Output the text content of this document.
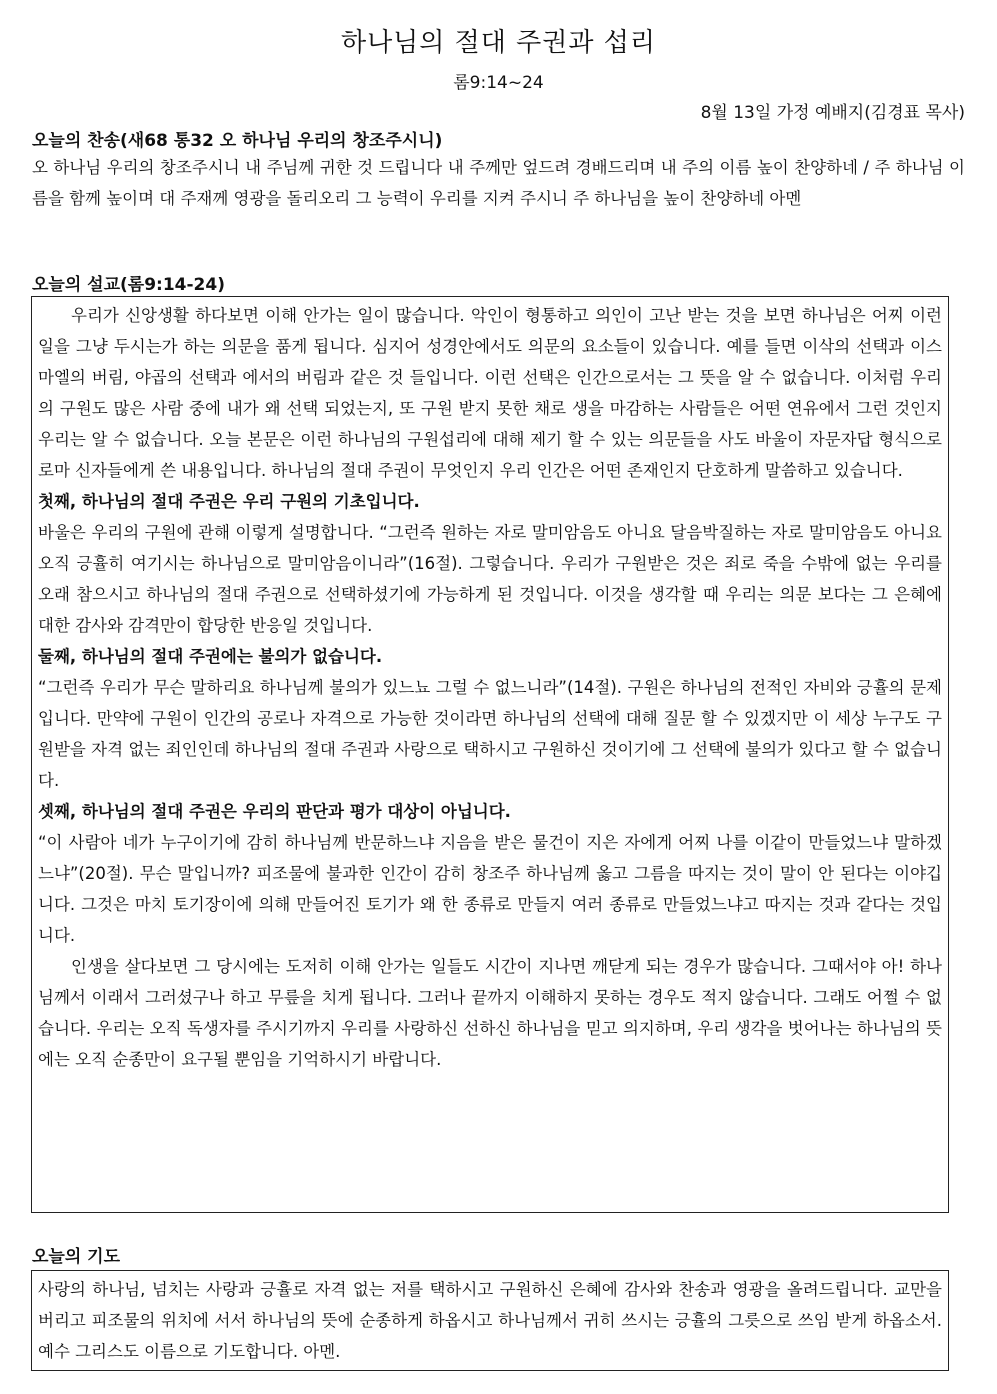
하나님의 절대 주권과 섭리
롬9:14~24
8월 13일 가정 예배지(김경표 목사)
오늘의 찬송(새68 통32 오 하나님 우리의 창조주시니)
오 하나님 우리의 창조주시니 내 주님께 귀한 것 드립니다 내 주께만 엎드려 경배드리며 내 주의 이름 높이 찬양하네 / 주 하나님 이름을 함께 높이며 대 주재께 영광을 돌리오리 그 능력이 우리를 지켜 주시니 주 하나님을 높이 찬양하네 아멘
오늘의 설교(롬9:14-24)

우리가 신앙생활 하다보면 이해 안가는 일이 많습니다. 악인이 형통하고 의인이 고난 받는 것을 보면 하나님은 어찌 이런 일을 그냥 두시는가 하는 의문을 품게 됩니다. 심지어 성경안에서도 의문의 요소들이 있습니다. 예를 들면 이삭의 선택과 이스마엘의 버림, 야곱의 선택과 에서의 버림과 같은 것 들입니다. 이런 선택은 인간으로서는 그 뜻을 알 수 없습니다. 이처럼 우리의 구원도 많은 사람 중에 내가 왜 선택 되었는지, 또 구원 받지 못한 채로 생을 마감하는 사람들은 어떤 연유에서 그런 것인지 우리는 알 수 없습니다. 오늘 본문은 이런 하나님의 구원섭리에 대해 제기 할 수 있는 의문들을 사도 바울이 자문자답 형식으로 로마 신자들에게 쓴 내용입니다. 하나님의 절대 주권이 무엇인지 우리 인간은 어떤 존재인지 단호하게 말씀하고 있습니다.

첫째, 하나님의 절대 주권은 우리 구원의 기초입니다.

바울은 우리의 구원에 관해 이렇게 설명합니다. “그런즉 원하는 자로 말미암음도 아니요 달음박질하는 자로 말미암음도 아니요 오직 긍휼히 여기시는 하나님으로 말미암음이니라”(16절). 그렇습니다. 우리가 구원받은 것은 죄로 죽을 수밖에 없는 우리를 오래 참으시고 하나님의 절대 주권으로 선택하셨기에 가능하게 된 것입니다. 이것을 생각할 때 우리는 의문 보다는 그 은혜에 대한 감사와 감격만이 합당한 반응일 것입니다.

둘째, 하나님의 절대 주권에는 불의가 없습니다.

“그런즉 우리가 무슨 말하리요 하나님께 불의가 있느뇨 그럴 수 없느니라”(14절). 구원은 하나님의 전적인 자비와 긍휼의 문제입니다. 만약에 구원이 인간의 공로나 자격으로 가능한 것이라면 하나님의 선택에 대해 질문 할 수 있겠지만 이 세상 누구도 구원받을 자격 없는 죄인인데 하나님의 절대 주권과 사랑으로 택하시고 구원하신 것이기에 그 선택에 불의가 있다고 할 수 없습니다.

셋째, 하나님의 절대 주권은 우리의 판단과 평가 대상이 아닙니다.

“이 사람아 네가 누구이기에 감히 하나님께 반문하느냐 지음을 받은 물건이 지은 자에게 어찌 나를 이같이 만들었느냐 말하겠느냐”(20절). 무슨 말입니까? 피조물에 불과한 인간이 감히 창조주 하나님께 옳고 그름을 따지는 것이 말이 안 된다는 이야깁니다. 그것은 마치 토기장이에 의해 만들어진 토기가 왜 한 종류로 만들지 여러 종류로 만들었느냐고 따지는 것과 같다는 것입니다.

인생을 살다보면 그 당시에는 도저히 이해 안가는 일들도 시간이 지나면 깨닫게 되는 경우가 많습니다. 그때서야 아! 하나님께서 이래서 그러셨구나 하고 무릎을 치게 됩니다. 그러나 끝까지 이해하지 못하는 경우도 적지 않습니다. 그래도 어쩔 수 없습니다. 우리는 오직 독생자를 주시기까지 우리를 사랑하신 선하신 하나님을 믿고 의지하며, 우리 생각을 벗어나는 하나님의 뜻에는 오직 순종만이 요구될 뿐임을 기억하시기 바랍니다.

오늘의 기도

사랑의 하나님, 넘치는 사랑과 긍휼로 자격 없는 저를 택하시고 구원하신 은혜에 감사와 찬송과 영광을 올려드립니다. 교만을 버리고 피조물의 위치에 서서 하나님의 뜻에 순종하게 하옵시고 하나님께서 귀히 쓰시는 긍휼의 그릇으로 쓰임 받게 하옵소서. 예수 그리스도 이름으로 기도합니다. 아멘.
